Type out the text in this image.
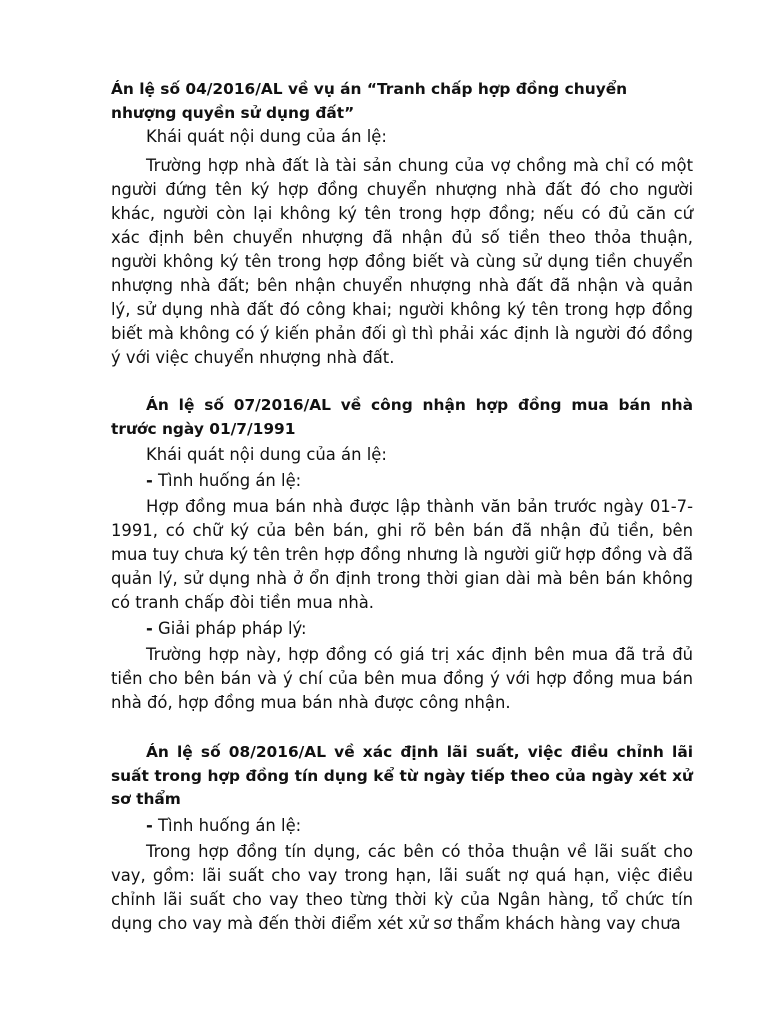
Án lệ số 04/2016/AL về vụ án “Tranh chấp hợp đồng chuyển nhượng quyền sử dụng đất”

Khái quát nội dung của án lệ:

Trường hợp nhà đất là tài sản chung của vợ chồng mà chỉ có một người đứng tên ký hợp đồng chuyển nhượng nhà đất đó cho người khác, người còn lại không ký tên trong hợp đồng; nếu có đủ căn cứ xác định bên chuyển nhượng đã nhận đủ số tiền theo thỏa thuận, người không ký tên trong hợp đồng biết và cùng sử dụng tiền chuyển nhượng nhà đất; bên nhận chuyển nhượng nhà đất đã nhận và quản lý, sử dụng nhà đất đó công khai; người không ký tên trong hợp đồng biết mà không có ý kiến phản đối gì thì phải xác định là người đó đồng ý với việc chuyển nhượng nhà đất.

Án lệ số 07/2016/AL về công nhận hợp đồng mua bán nhà trước ngày 01/7/1991

Khái quát nội dung của án lệ:

- Tình huống án lệ:

Hợp đồng mua bán nhà được lập thành văn bản trước ngày 01-7-1991, có chữ ký của bên bán, ghi rõ bên bán đã nhận đủ tiền, bên mua tuy chưa ký tên trên hợp đồng nhưng là người giữ hợp đồng và đã quản lý, sử dụng nhà ở ổn định trong thời gian dài mà bên bán không có tranh chấp đòi tiền mua nhà.

- Giải pháp pháp lý:

Trường hợp này, hợp đồng có giá trị xác định bên mua đã trả đủ tiền cho bên bán và ý chí của bên mua đồng ý với hợp đồng mua bán nhà đó, hợp đồng mua bán nhà được công nhận.

Án lệ số 08/2016/AL về xác định lãi suất, việc điều chỉnh lãi suất trong hợp đồng tín dụng kể từ ngày tiếp theo của ngày xét xử sơ thẩm

- Tình huống án lệ:

Trong hợp đồng tín dụng, các bên có thỏa thuận về lãi suất cho vay, gồm: lãi suất cho vay trong hạn, lãi suất nợ quá hạn, việc điều chỉnh lãi suất cho vay theo từng thời kỳ của Ngân hàng, tổ chức tín dụng cho vay mà đến thời điểm xét xử sơ thẩm khách hàng vay chưa
